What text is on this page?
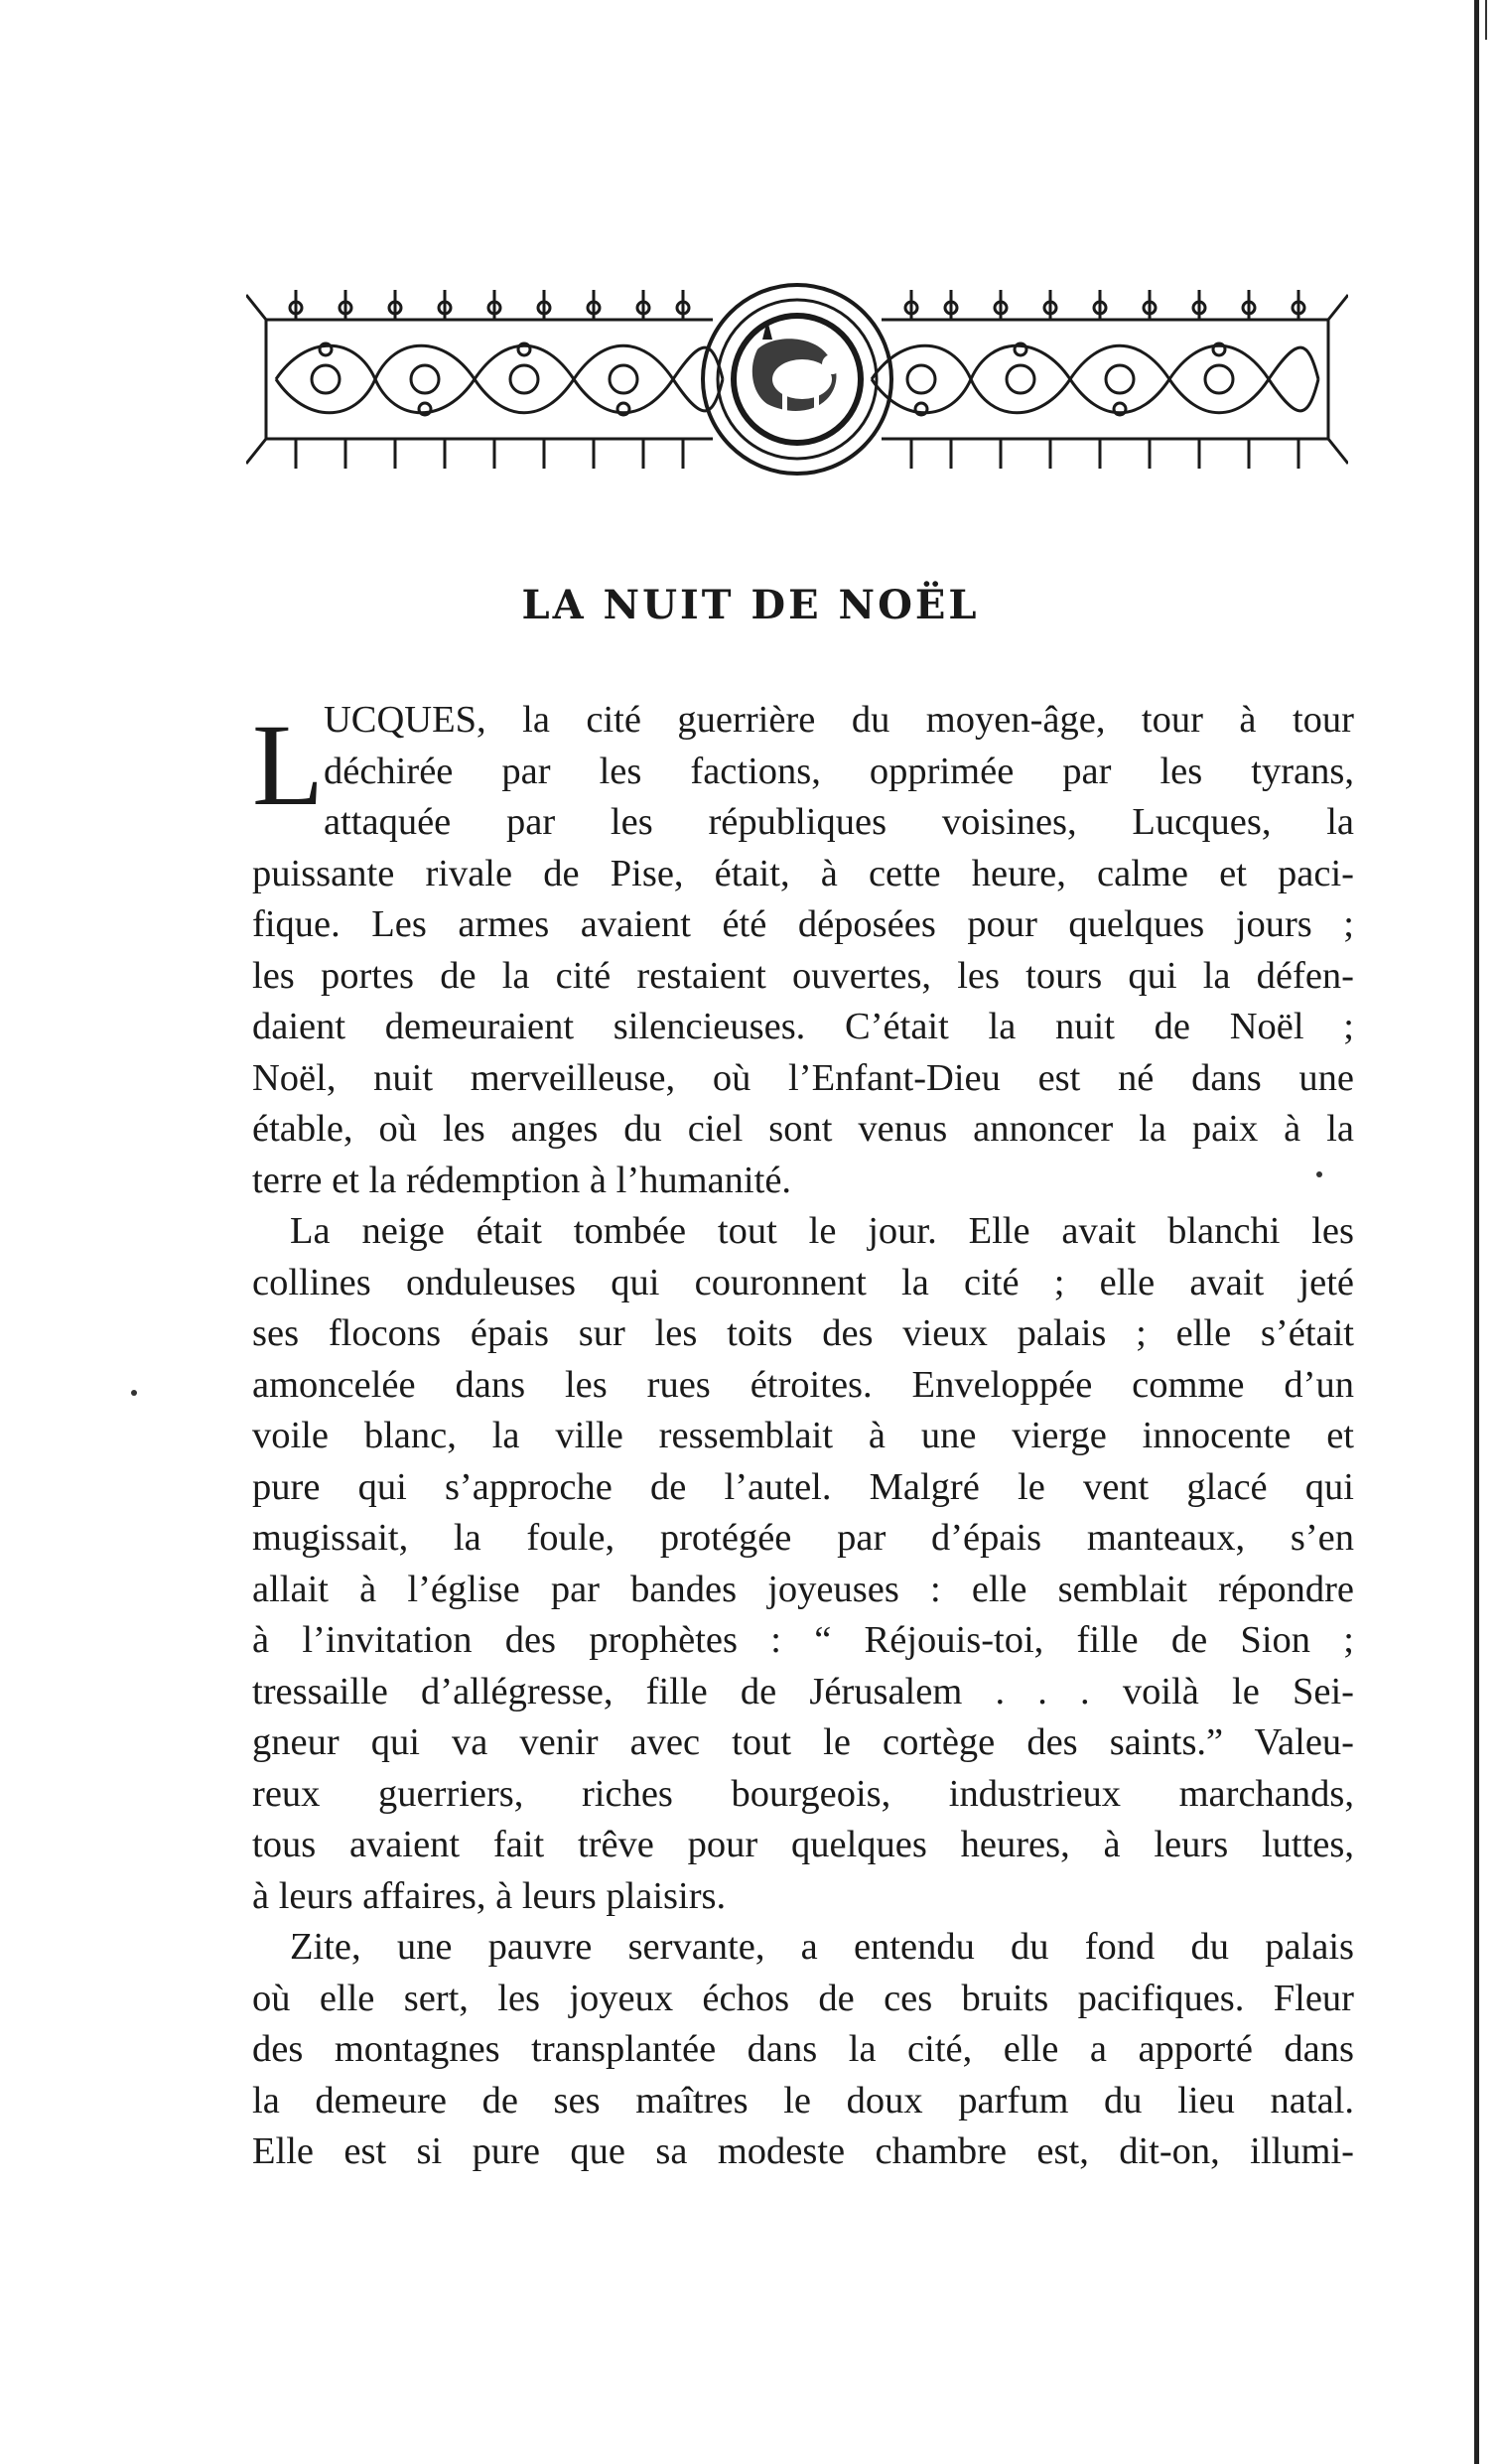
LA NUIT DE NOËL
L UCQUES, la cité guerrière du moyen-âge, tour à tour
déchirée par les factions, opprimée par les tyrans,
attaquée par les républiques voisines, Lucques, la
puissante rivale de Pise, était, à cette heure, calme et paci-
fique. Les armes avaient été déposées pour quelques jours ;
les portes de la cité restaient ouvertes, les tours qui la défen-
daient demeuraient silencieuses. C’était la nuit de Noël ;
Noël, nuit merveilleuse, où l’Enfant-Dieu est né dans une
étable, où les anges du ciel sont venus annoncer la paix à la
terre et la rédemption à l’humanité.
La neige était tombée tout le jour. Elle avait blanchi les
collines onduleuses qui couronnent la cité ; elle avait jeté
ses flocons épais sur les toits des vieux palais ; elle s’était
amoncelée dans les rues étroites. Enveloppée comme d’un
voile blanc, la ville ressemblait à une vierge innocente et
pure qui s’approche de l’autel. Malgré le vent glacé qui
mugissait, la foule, protégée par d’épais manteaux, s’en
allait à l’église par bandes joyeuses : elle semblait répondre
à l’invitation des prophètes : “ Réjouis-toi, fille de Sion ;
tressaille d’allégresse, fille de Jérusalem . . . voilà le Sei-
gneur qui va venir avec tout le cortège des saints.” Valeu-
reux guerriers, riches bourgeois, industrieux marchands,
tous avaient fait trêve pour quelques heures, à leurs luttes,
à leurs affaires, à leurs plaisirs.
Zite, une pauvre servante, a entendu du fond du palais
où elle sert, les joyeux échos de ces bruits pacifiques. Fleur
des montagnes transplantée dans la cité, elle a apporté dans
la demeure de ses maîtres le doux parfum du lieu natal.
Elle est si pure que sa modeste chambre est, dit-on, illumi-
